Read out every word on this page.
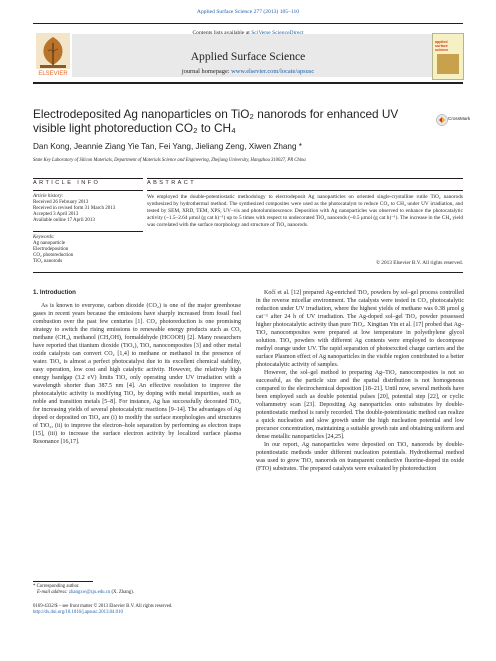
Applied Surface Science 277 (2013) 105–110
Contents lists available at SciVerse ScienceDirect
Applied Surface Science
journal homepage: www.elsevier.com/locate/apsusc
ELSEVIER
applied surface science
Electrodeposited Ag nanoparticles on TiO₂ nanorods for enhanced UV
visible light photoreduction CO₂ to CH₄
CrossMark
Dan Kong, Jeannie Ziang Yie Tan, Fei Yang, Jieliang Zeng, Xiwen Zhang *
State Key Laboratory of Silicon Materials, Department of Materials Science and Engineering, Zhejiang University, Hangzhou 310027, PR China
ARTICLE INFO	ABSTRACT

Article history:

Received 26 February 2013

Received in revised form 31 March 2013

Accepted 3 April 2013

Available online 17 April 2013

Keywords:

Ag nanoparticle

Electrodeposition

CO₂ photoreduction

TiO₂ nanorods

We employed the double-potentiostatic methodology to electrodeposit Ag nanoparticles on oriented single-crystalline rutile TiO₂ nanorods synthesized by hydrothermal method. The synthesized composites were used as the photocatalyst to reduce CO₂ to CH₄ under UV irradiation, and tested by SEM, XRD, TEM, XPS, UV–vis and photoluminescence. Deposition with Ag nanoparticles was observed to enhance the photocatalytic activity (~1.5–2.64 μmol (g cat h)⁻¹) up to 5 times with respect to undecorated TiO₂ nanorods (~0.5 μmol (g cat h)⁻¹). The increase in the CH₄ yield was correlated with the surface morphology and structure of TiO₂ nanorods.
© 2013 Elsevier B.V. All rights reserved.
1. Introduction

As is known to everyone, carbon dioxide (CO₂) is one of the major greenhouse gases in recent years because the emissions have sharply increased from fossil fuel combustion over the past few centuries [1]. CO₂ photoreduction is one promising strategy to switch the rising emissions to renewable energy products such as CO, methane (CH₄), methanol (CH₃OH), formaldehyde (HCOOH) [2]. Many researchers have reported that titanium dioxide (TiO₂), TiO₂ nanocomposites [3] and other metal oxide catalysts can convert CO₂ [1,4] to methane or methanol in the presence of water. TiO₂ is almost a perfect photocatalyst due to its excellent chemical stability, easy operation, low cost and high catalytic activity. However, the relatively high energy bandgap (3.2 eV) limits TiO₂ only operating under UV irradiation with a wavelength shorter than 387.5 nm [4]. An effective resolution to improve the photocatalytic activity is modifying TiO₂ by doping with metal impurities, such as noble and transition metals [5–8]. For instance, Ag has successfully decorated TiO₂ for increasing yields of several photocatalytic reactions [9–14]. The advantages of Ag doped or deposited on TiO₂ are (i) to modify the surface morphologies and structures of TiO₂, (ii) to improve the electron–hole separation by performing as electron traps [15], (iii) to increase the surface electron activity by localized surface plasma Resonance [16,17].

Kočí et al. [12] prepared Ag-enriched TiO₂ powders by sol–gel process controlled in the reverse micellar environment. The catalysts were tested in CO₂ photocatalytic reduction under UV irradiation, where the highest yields of methane was 0.38 μmol g cat⁻¹ after 24 h of UV irradiation. The Ag-doped sol–gel TiO₂ powder possessed higher photocatalytic activity than pure TiO₂. Xingtian Yin et al. [17] probed that Ag–TiO₂ nanocomposites were prepared at low temperature in polyethylene glycol solution. TiO₂ powders with different Ag contents were employed to decompose methyl orange under UV. The rapid separation of photoexcited charge carriers and the surface Plasmon effect of Ag nanoparticles in the visible region contributed to a better photocatalytic activity of samples.

However, the sol–gel method to preparing Ag–TiO₂ nanocomposites is not so successful, as the particle size and the spatial distribution is not homogenous compared to the electrochemical deposition [18–21]. Until now, several methods have been employed such as double potential pulses [20], potential step [22], or cyclic voltammetry scan [23]. Depositing Ag nanoparticles onto substrates by double-potentiostatic method is rarely recorded. The double-potentiostatic method can realize a quick nucleation and slow growth under the high nucleation potential and low precursor concentration, maintaining a suitable growth rate and obtaining uniform and dense metallic nanoparticles [24,25].

In our report, Ag nanoparticles were deposited on TiO₂ nanorods by double-potentiostatic methods under different nucleation potentials. Hydrothermal method was used to grow TiO₂ nanorods on transparent conductive fluorine-doped tin oxide (FTO) substrates. The prepared catalysts were evaluated by photoreduction

* Corresponding author.
E-mail address: zhangxw@zju.edu.cn (X. Zhang).
0169-4332/$ – see front matter © 2013 Elsevier B.V. All rights reserved.
http://dx.doi.org/10.1016/j.apsusc.2013.04.010
